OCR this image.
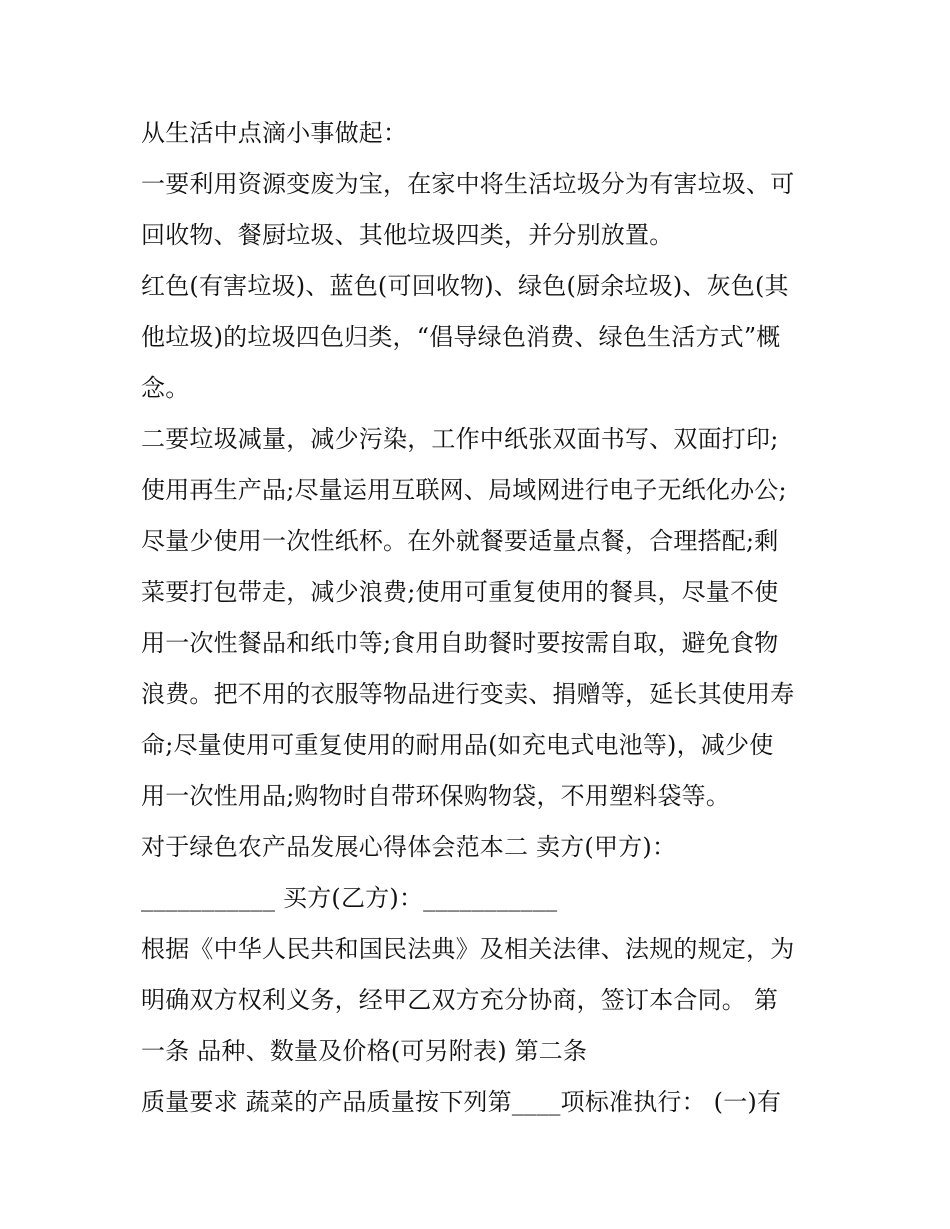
从生活中点滴小事做起：
一要利用资源变废为宝，在家中将生活垃圾分为有害垃圾、可
回收物、餐厨垃圾、其他垃圾四类，并分别放置。
红色(有害垃圾)、蓝色(可回收物)、绿色(厨余垃圾)、灰色(其
他垃圾)的垃圾四色归类，“倡导绿色消费、绿色生活方式”概
念。
二要垃圾减量，减少污染，工作中纸张双面书写、双面打印;
使用再生产品;尽量运用互联网、局域网进行电子无纸化办公;
尽量少使用一次性纸杯。在外就餐要适量点餐，合理搭配;剩
菜要打包带走，减少浪费;使用可重复使用的餐具，尽量不使
用一次性餐品和纸巾等;食用自助餐时要按需自取，避免食物
浪费。把不用的衣服等物品进行变卖、捐赠等，延长其使用寿
命;尽量使用可重复使用的耐用品(如充电式电池等)，减少使
用一次性用品;购物时自带环保购物袋，不用塑料袋等。
对于绿色农产品发展心得体会范本二 卖方(甲方)：
___________ 买方(乙方)：___________
根据《中华人民共和国民法典》及相关法律、法规的规定，为
明确双方权利义务，经甲乙双方充分协商，签订本合同。 第
一条 品种、数量及价格(可另附表) 第二条
质量要求 蔬菜的产品质量按下列第____项标准执行： (一)有
